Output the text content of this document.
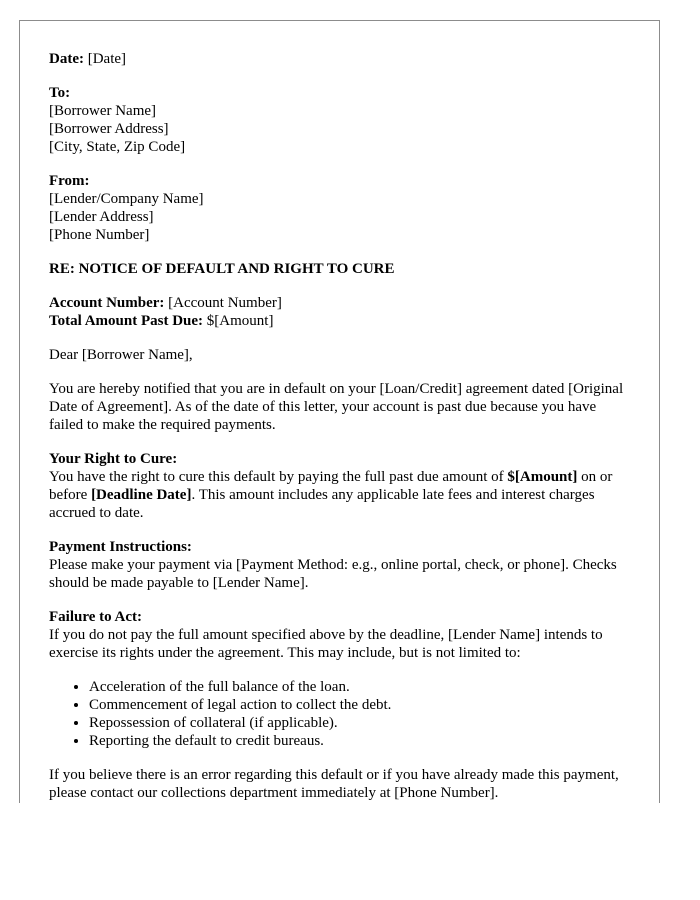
Date: [Date]

To:
[Borrower Name]
[Borrower Address]
[City, State, Zip Code]

From:
[Lender/Company Name]
[Lender Address]
[Phone Number]

RE: NOTICE OF DEFAULT AND RIGHT TO CURE

Account Number: [Account Number]
Total Amount Past Due: $[Amount]

Dear [Borrower Name],

You are hereby notified that you are in default on your [Loan/Credit] agreement dated [Original Date of Agreement]. As of the date of this letter, your account is past due because you have failed to make the required payments.

Your Right to Cure:
You have the right to cure this default by paying the full past due amount of $[Amount] on or before [Deadline Date]. This amount includes any applicable late fees and interest charges accrued to date.

Payment Instructions:
Please make your payment via [Payment Method: e.g., online portal, check, or phone]. Checks should be made payable to [Lender Name].

Failure to Act:
If you do not pay the full amount specified above by the deadline, [Lender Name] intends to exercise its rights under the agreement. This may include, but is not limited to:

• Acceleration of the full balance of the loan.
• Commencement of legal action to collect the debt.
• Repossession of collateral (if applicable).
• Reporting the default to credit bureaus.

If you believe there is an error regarding this default or if you have already made this payment, please contact our collections department immediately at [Phone Number].
